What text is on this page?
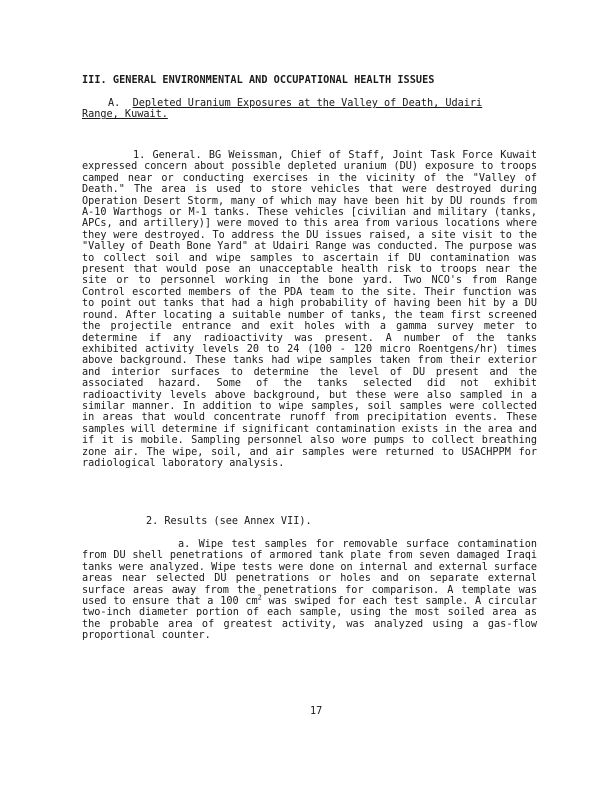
III. GENERAL ENVIRONMENTAL AND OCCUPATIONAL HEALTH ISSUES
A. Depleted Uranium Exposures at the Valley of Death, Udairi Range, Kuwait.
1. General. BG Weissman, Chief of Staff, Joint Task Force Kuwait expressed concern about possible depleted uranium (DU) exposure to troops camped near or conducting exercises in the vicinity of the "Valley of Death." The area is used to store vehicles that were destroyed during Operation Desert Storm, many of which may have been hit by DU rounds from A-10 Warthogs or M-1 tanks. These vehicles [civilian and military (tanks, APCs, and artillery)] were moved to this area from various locations where they were destroyed. To address the DU issues raised, a site visit to the "Valley of Death Bone Yard" at Udairi Range was conducted. The purpose was to collect soil and wipe samples to ascertain if DU contamination was present that would pose an unacceptable health risk to troops near the site or to personnel working in the bone yard. Two NCO's from Range Control escorted members of the PDA team to the site. Their function was to point out tanks that had a high probability of having been hit by a DU round. After locating a suitable number of tanks, the team first screened the projectile entrance and exit holes with a gamma survey meter to determine if any radioactivity was present. A number of the tanks exhibited activity levels 20 to 24 (100 - 120 micro Roentgens/hr) times above background. These tanks had wipe samples taken from their exterior and interior surfaces to determine the level of DU present and the associated hazard. Some of the tanks selected did not exhibit radioactivity levels above background, but these were also sampled in a similar manner. In addition to wipe samples, soil samples were collected in areas that would concentrate runoff from precipitation events. These samples will determine if significant contamination exists in the area and if it is mobile. Sampling personnel also wore pumps to collect breathing zone air. The wipe, soil, and air samples were returned to USACHPPM for radiological laboratory analysis.
2. Results (see Annex VII).
a. Wipe test samples for removable surface contamination from DU shell penetrations of armored tank plate from seven damaged Iraqi tanks were analyzed. Wipe tests were done on internal and external surface areas near selected DU penetrations or holes and on separate external surface areas away from the penetrations for comparison. A template was used to ensure that a 100 $cm^2$ was swiped for each test sample. A circular two-inch diameter portion of each sample, using the most soiled area as the probable area of greatest activity, was analyzed using a gas-flow proportional counter.
17
